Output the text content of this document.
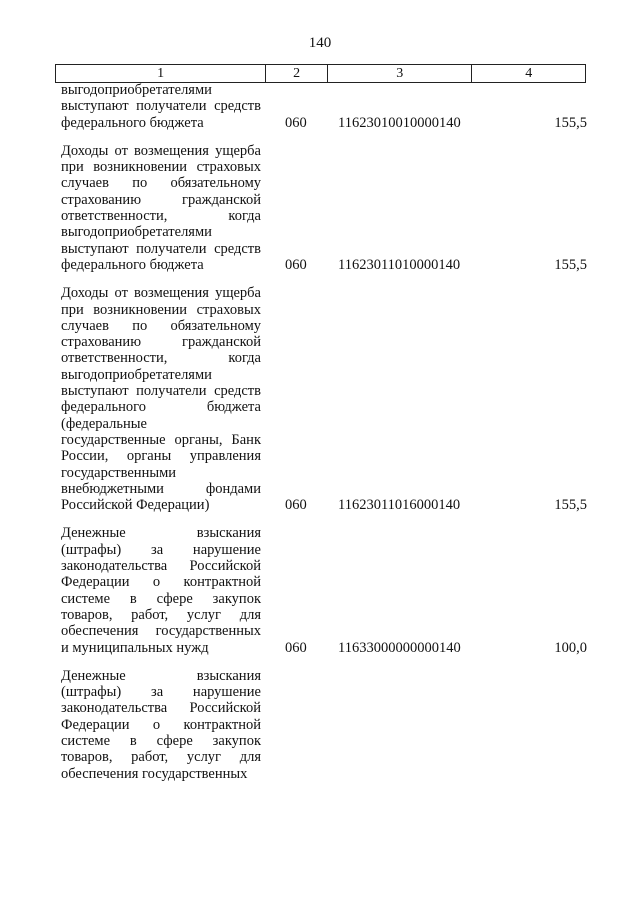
140
1	2	3	4
выгодоприобретателями
выступают получатели средств
федерального бюджета	060 11623010010000140	155,5
Доходы от возмещения ущерба
при возникновении страховых
случаев по обязательному
страхованию гражданской
ответственности, когда
выгодоприобретателями
выступают получатели средств
федерального бюджета	060 11623011010000140	155,5
Доходы от возмещения ущерба
при возникновении страховых
случаев по обязательному
страхованию гражданской
ответственности, когда
выгодоприобретателями
выступают получатели средств
федерального бюджета
(федеральные
государственные органы, Банк
России, органы управления
государственными
внебюджетными фондами
Российской Федерации)	060 11623011016000140	155,5
Денежные взыскания
(штрафы) за нарушение
законодательства Российской
Федерации о контрактной
системе в сфере закупок
товаров, работ, услуг для
обеспечения государственных
и муниципальных нужд	060 11633000000000140	100,0
Денежные взыскания
(штрафы) за нарушение
законодательства Российской
Федерации о контрактной
системе в сфере закупок
товаров, работ, услуг для
обеспечения государственных
